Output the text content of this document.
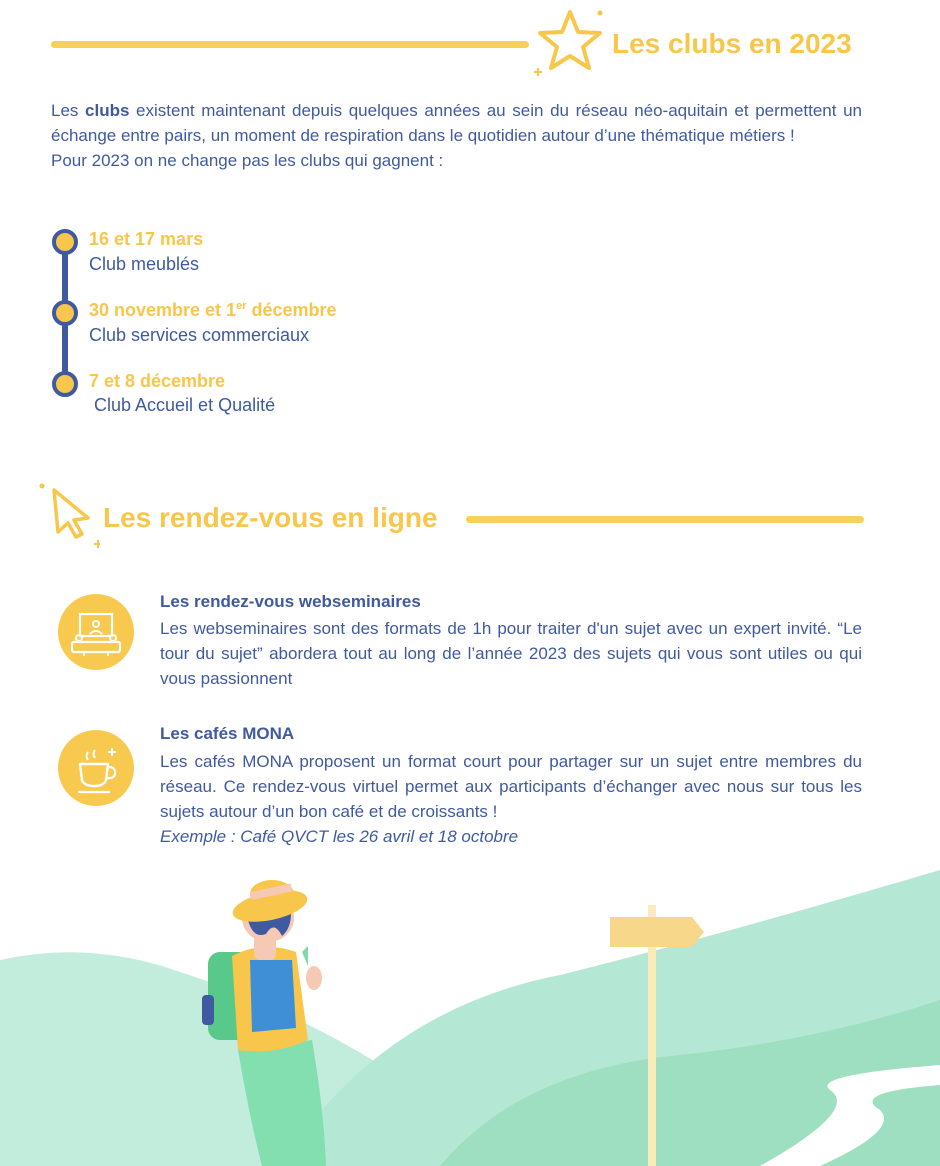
Les clubs en 2023

Les clubs existent maintenant depuis quelques années au sein du réseau néo-aquitain et permettent un échange entre pairs, un moment de respiration dans le quotidien autour d’une thématique métiers !

Pour 2023 on ne change pas les clubs qui gagnent :

16 et 17 mars
Club meublés
30 novembre et 1er décembre
Club services commerciaux
7 et 8 décembre
Club Accueil et Qualité
Les rendez-vous en ligne
Les rendez-vous webseminaires
Les webseminaires sont des formats de 1h pour traiter d'un sujet avec un expert invité. “Le tour du sujet” abordera tout au long de l’année 2023 des sujets qui vous sont utiles ou qui vous passionnent
Les cafés MONA
Les cafés MONA proposent un format court pour partager sur un sujet entre membres du réseau. Ce rendez-vous virtuel permet aux participants d’échanger avec nous sur tous les sujets autour d’un bon café et de croissants !
Exemple : Café QVCT les 26 avril et 18 octobre
